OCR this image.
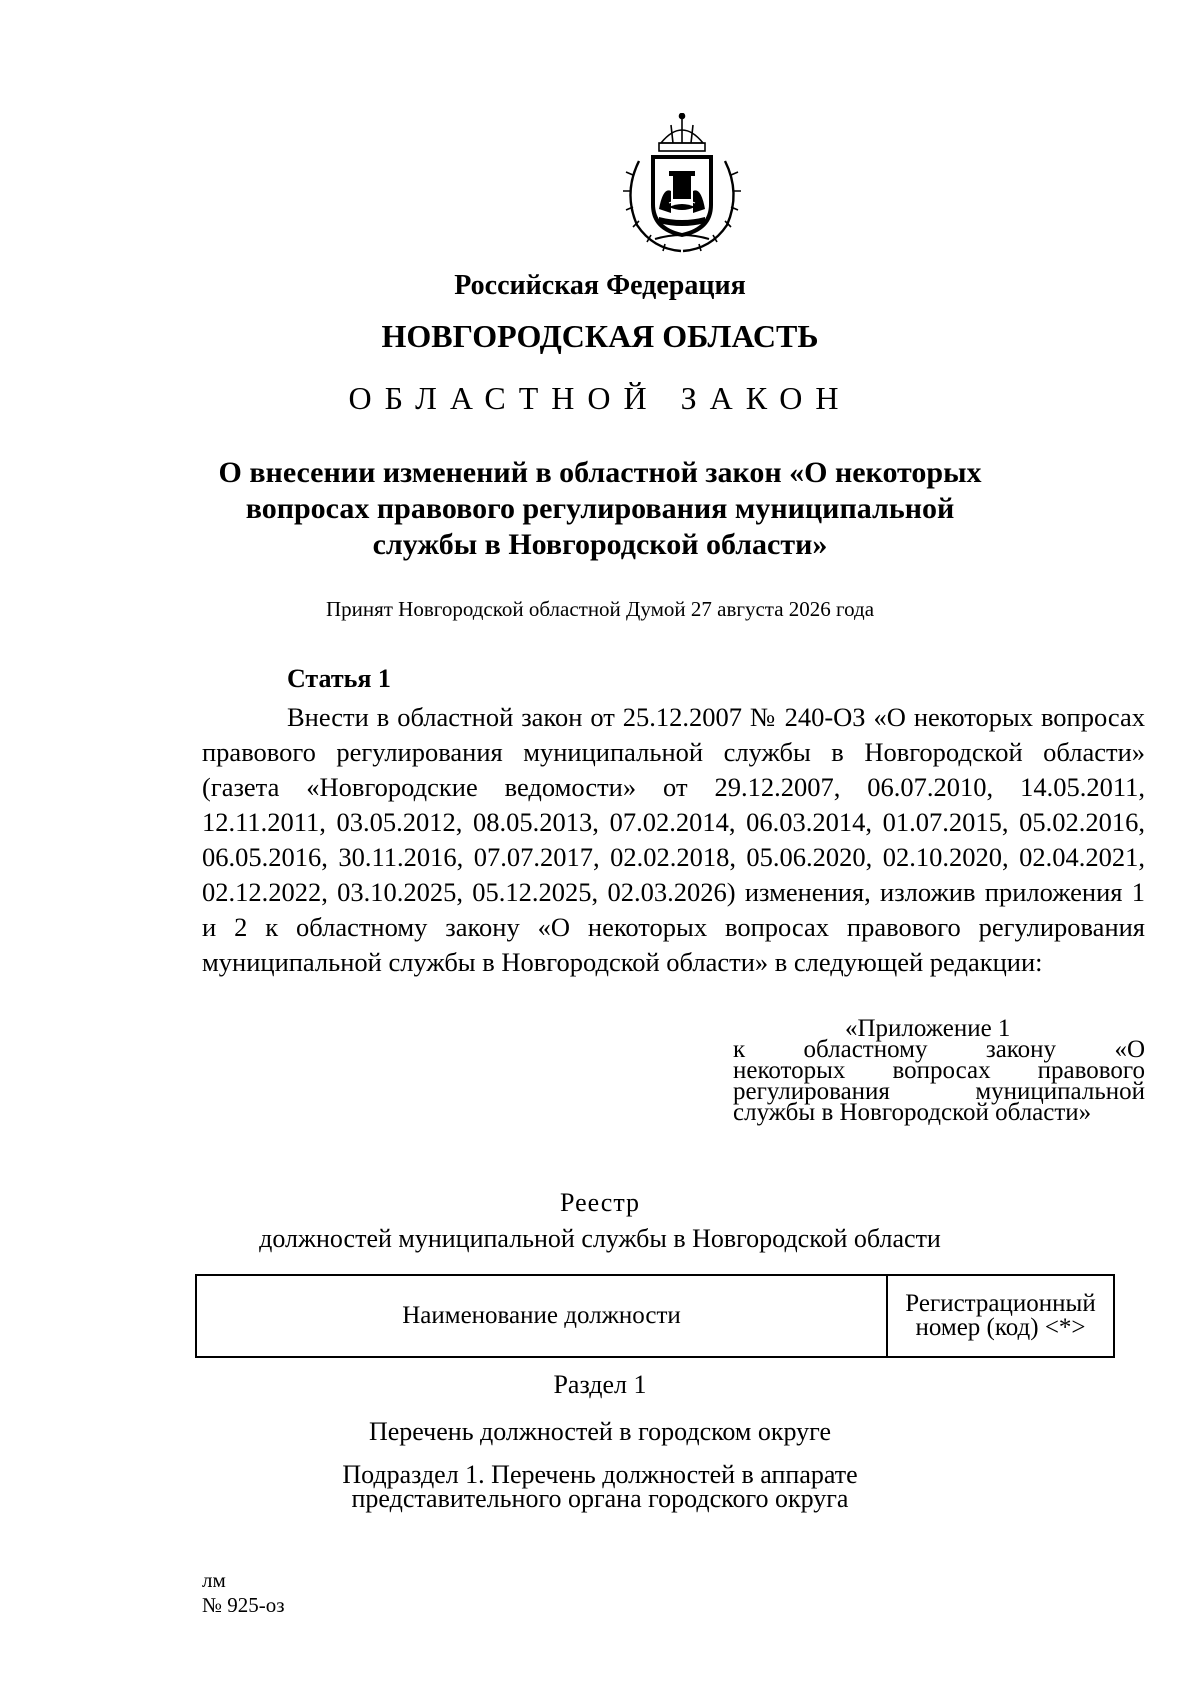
Российская Федерация
НОВГОРОДСКАЯ ОБЛАСТЬ
ОБЛАСТНОЙ ЗАКОН
О внесении изменений в областной закон «О некоторых вопросах правового регулирования муниципальной службы в Новгородской области»
Принят Новгородской областной Думой 27 августа 2026 года
Статья 1

Внести в областной закон от 25.12.2007 № 240-ОЗ «О некоторых вопросах правового регулирования муниципальной службы в Новгородской области» (газета «Новгородские ведомости» от 29.12.2007, 06.07.2010, 14.05.2011, 12.11.2011, 03.05.2012, 08.05.2013, 07.02.2014, 06.03.2014, 01.07.2015, 05.02.2016, 06.05.2016, 30.11.2016, 07.07.2017, 02.02.2018, 05.06.2020, 02.10.2020, 02.04.2021, 02.12.2022, 03.10.2025, 05.12.2025, 02.03.2026) изменения, изложив приложения 1 и 2 к областному закону «О некоторых вопросах правового регулирования муниципальной службы в Новгородской области» в следующей редакции:

«Приложение 1
к областному закону «О
некоторых вопросах правового
регулирования муниципальной
службы в Новгородской области»
Реестр
должностей муниципальной службы в Новгородской области
Наименование должности	Регистрационный номер (код) <*>
Раздел 1
Перечень должностей в городском округе
Подраздел 1. Перечень должностей в аппарате
представительного органа городского округа
лм
№ 925-оз
